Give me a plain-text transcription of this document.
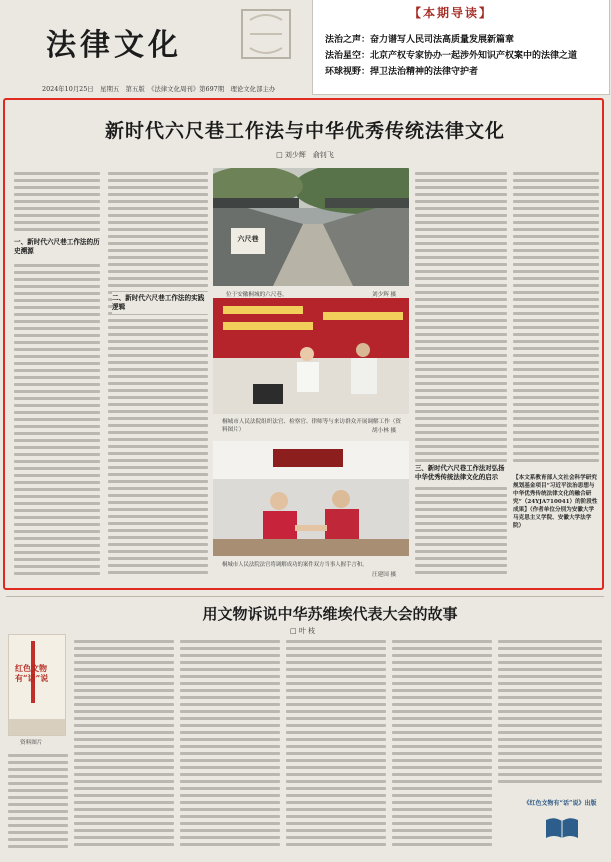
法律文化
2024年10月25日　星期五　第五版　《法律文化周刊》第697期　理论文化部主办
【本期导读】
法治之声：奋力谱写人民司法高质量发展新篇章
法治星空：北京产权专家协办一起涉外知识产权案中的法律之道
环球视野：捍卫法治精神的法律守护者
新时代六尺巷工作法与中华优秀传统法律文化
□ 刘少辉　俞钊飞
一、新时代六尺巷工作法的历史溯源
二、新时代六尺巷工作法的实践逻辑
六尺巷
位于安徽桐城的六尺巷。	刘少辉 摄
桐城市人民法院组织法官、检察官、律师等与来访群众开展调解工作（资料图片）	胡小林 摄
桐城市人民法院法官将调解成功的案件双方当事人握手言和。
汪建国 摄
三、新时代六尺巷工作法对弘扬中华优秀传统法律文化的启示	【本文系教育部人文社会科学研究规划基金项目“习近平法治思想与中华优秀传统法律文化的融合研究”（24YJA710041）的阶段性成果】（作者单位分别为安徽大学马克思主义学院、安徽大学法学院）
用文物诉说中华苏维埃代表大会的故事
□ 叶 枝
红色文物有“话”说
资料图片
《红色文物有“话”说》出版
